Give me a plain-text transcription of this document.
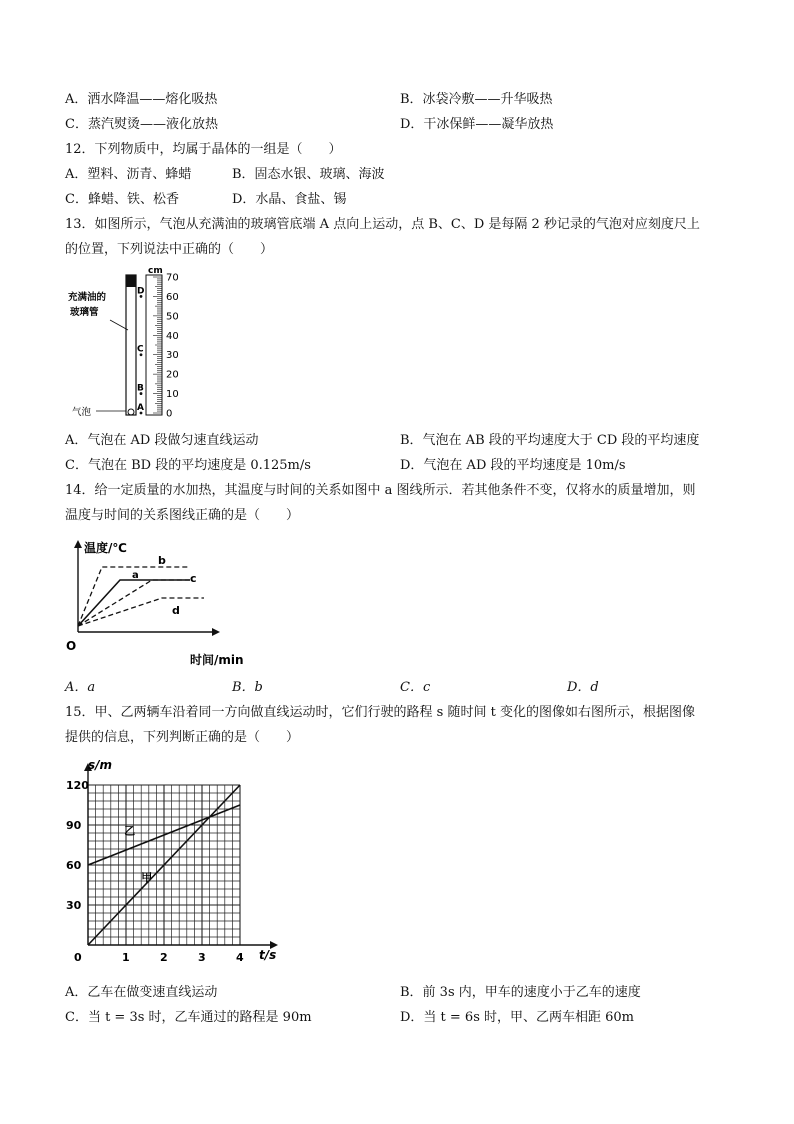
A．洒水降温——熔化吸热	B．冰袋冷敷——升华吸热
C．蒸汽熨烫——液化放热	D．干冰保鲜——凝华放热
12．下列物质中，均属于晶体的一组是（　　）
A．塑料、沥青、蜂蜡	B．固态水银、玻璃、海波
C．蜂蜡、铁、松香	D．水晶、食盐、锡
13．如图所示，气泡从充满油的玻璃管底端 A 点向上运动，点 B、C、D 是每隔 2 秒记录的气泡对应刻度尺上
的位置，下列说法中正确的（　　）
cm
70
60
50
40
30
20
10
0
D
C
B
A
充满油的
玻璃管
气泡
A．气泡在 AD 段做匀速直线运动	B．气泡在 AB 段的平均速度大于 CD 段的平均速度
C．气泡在 BD 段的平均速度是 0.125m/s	D．气泡在 AD 段的平均速度是 10m/s
14．给一定质量的水加热，其温度与时间的关系如图中 a 图线所示．若其他条件不变，仅将水的质量增加，则
温度与时间的关系图线正确的是（　　）
温度/℃
时间/min
O
a
b
c
d
A．a	B．b	C．c	D．d
15．甲、乙两辆车沿着同一方向做直线运动时，它们行驶的路程 s 随时间 t 变化的图像如右图所示，根据图像
提供的信息，下列判断正确的是（　　）
1	2	3	4
30
60
90
120
0
乙
甲
s/m
t/s
A．乙车在做变速直线运动	B．前 3s 内，甲车的速度小于乙车的速度
C．当 t = 3s 时，乙车通过的路程是 90m	D．当 t = 6s 时，甲、乙两车相距 60m
